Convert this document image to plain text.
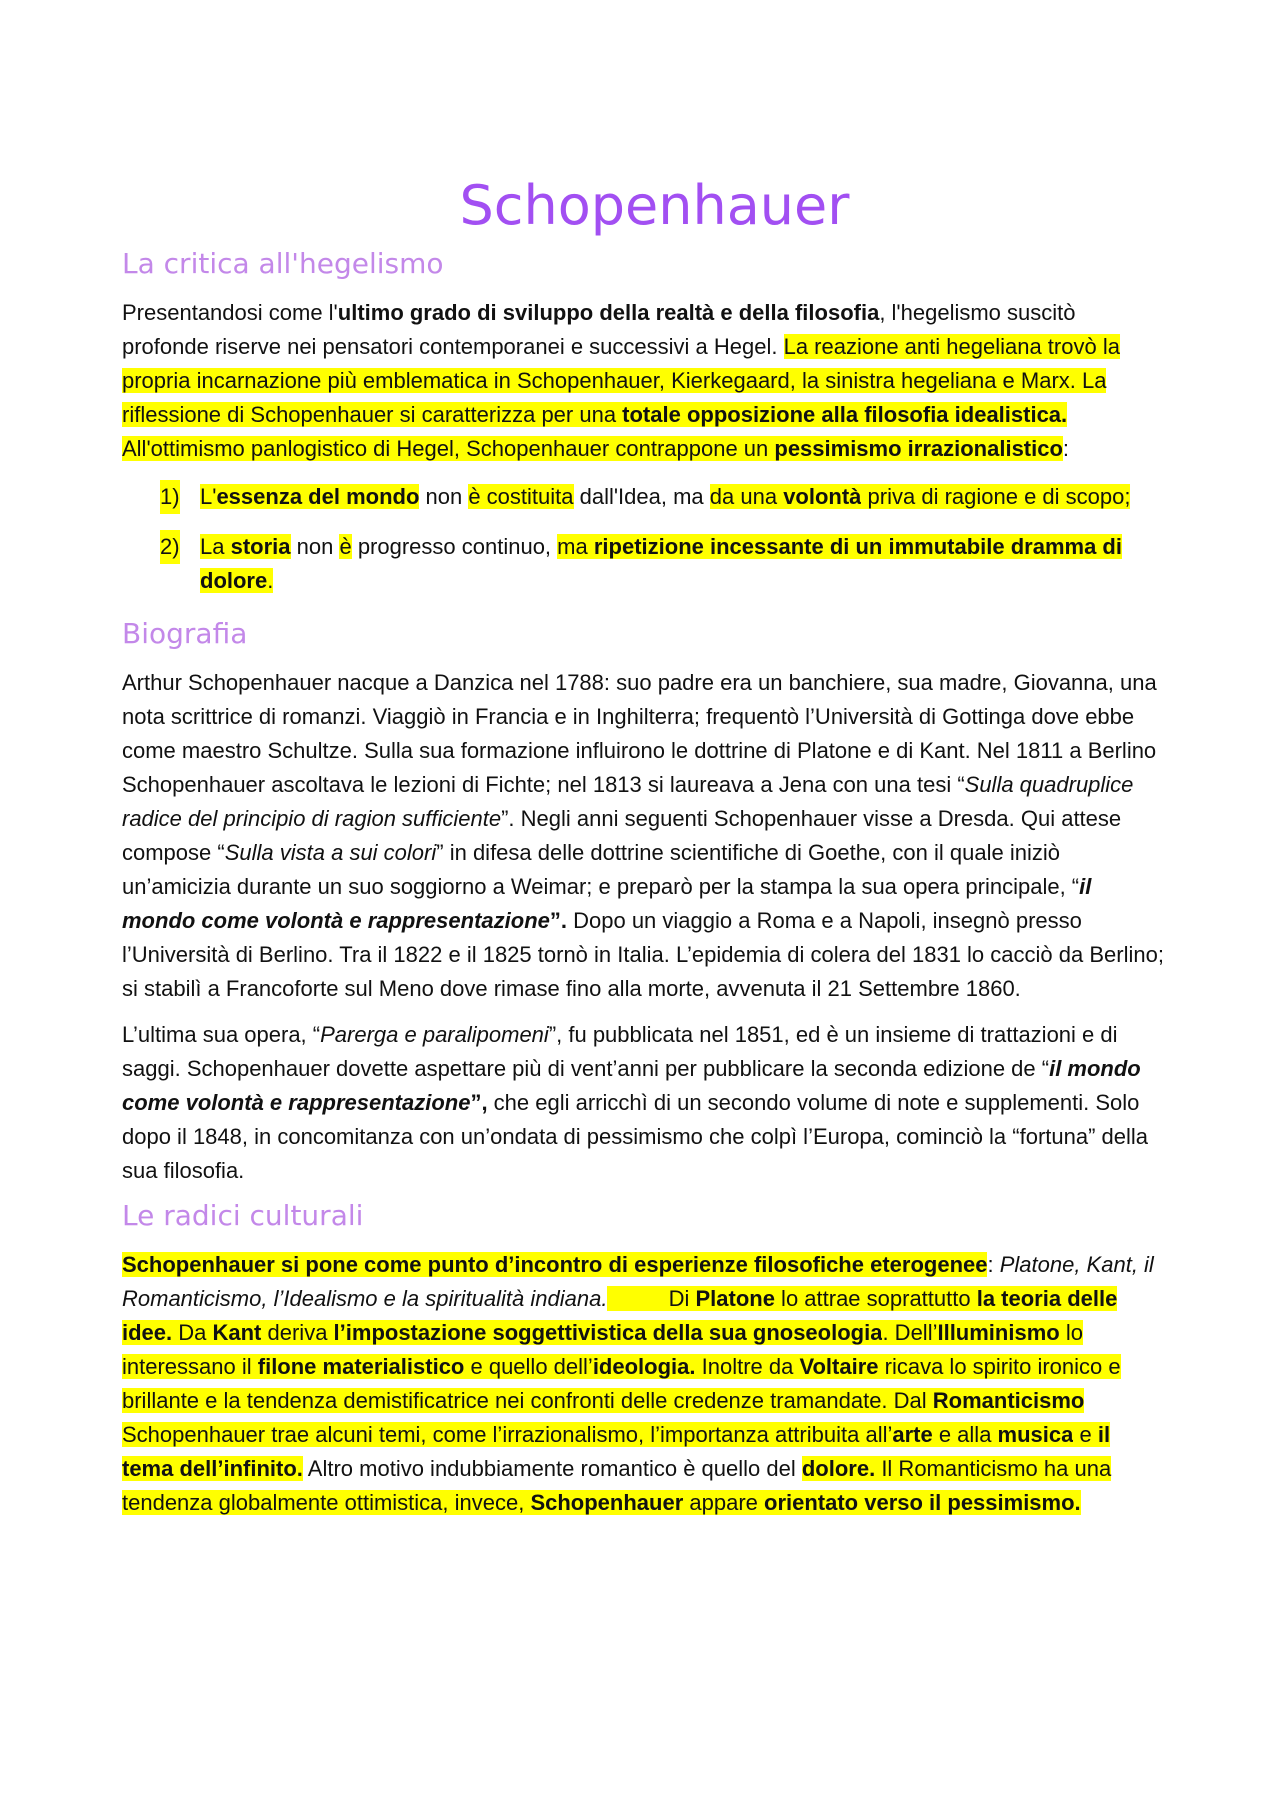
Schopenhauer
La critica all'hegelismo

Presentandosi come l'ultimo grado di sviluppo della realtà e della filosofia, l'hegelismo suscitò profonde riserve nei pensatori contemporanei e successivi a Hegel. La reazione anti hegeliana trovò la propria incarnazione più emblematica in Schopenhauer, Kierkegaard, la sinistra hegeliana e Marx. La riflessione di Schopenhauer si caratterizza per una totale opposizione alla filosofia idealistica. All'ottimismo panlogistico di Hegel, Schopenhauer contrappone un pessimismo irrazionalistico:

1) L'essenza del mondo non è costituita dall'Idea, ma da una volontà priva di ragione e di scopo;
2) La storia non è progresso continuo, ma ripetizione incessante di un immutabile dramma di dolore.
Biografia

Arthur Schopenhauer nacque a Danzica nel 1788: suo padre era un banchiere, sua madre, Giovanna, una nota scrittrice di romanzi. Viaggiò in Francia e in Inghilterra; frequentò l’Università di Gottinga dove ebbe come maestro Schultze. Sulla sua formazione influirono le dottrine di Platone e di Kant. Nel 1811 a Berlino Schopenhauer ascoltava le lezioni di Fichte; nel 1813 si laureava a Jena con una tesi “Sulla quadruplice radice del principio di ragion sufficiente”. Negli anni seguenti Schopenhauer visse a Dresda. Qui attese compose “Sulla vista a sui colori” in difesa delle dottrine scientifiche di Goethe, con il quale iniziò un’amicizia durante un suo soggiorno a Weimar; e preparò per la stampa la sua opera principale, “il mondo come volontà e rappresentazione”. Dopo un viaggio a Roma e a Napoli, insegnò presso l’Università di Berlino. Tra il 1822 e il 1825 tornò in Italia. L’epidemia di colera del 1831 lo cacciò da Berlino; si stabilì a Francoforte sul Meno dove rimase fino alla morte, avvenuta il 21 Settembre 1860.

L’ultima sua opera, “Parerga e paralipomeni”, fu pubblicata nel 1851, ed è un insieme di trattazioni e di saggi. Schopenhauer dovette aspettare più di vent’anni per pubblicare la seconda edizione de “il mondo come volontà e rappresentazione”, che egli arricchì di un secondo volume di note e supplementi. Solo dopo il 1848, in concomitanza con un’ondata di pessimismo che colpì l’Europa, cominciò la “fortuna” della sua filosofia.

Le radici culturali

Schopenhauer si pone come punto d’incontro di esperienze filosofiche eterogenee: Platone, Kant, il Romanticismo, l’Idealismo e la spiritualità indiana.          Di Platone lo attrae soprattutto la teoria delle idee. Da Kant deriva l’impostazione soggettivistica della sua gnoseologia. Dell’Illuminismo lo interessano il filone materialistico e quello dell’ideologia. Inoltre da Voltaire ricava lo spirito ironico e brillante e la tendenza demistificatrice nei confronti delle credenze tramandate. Dal Romanticismo Schopenhauer trae alcuni temi, come l’irrazionalismo, l’importanza attribuita all’arte e alla musica e il tema dell’infinito. Altro motivo indubbiamente romantico è quello del dolore. Il Romanticismo ha una tendenza globalmente ottimistica, invece, Schopenhauer appare orientato verso il pessimismo.
